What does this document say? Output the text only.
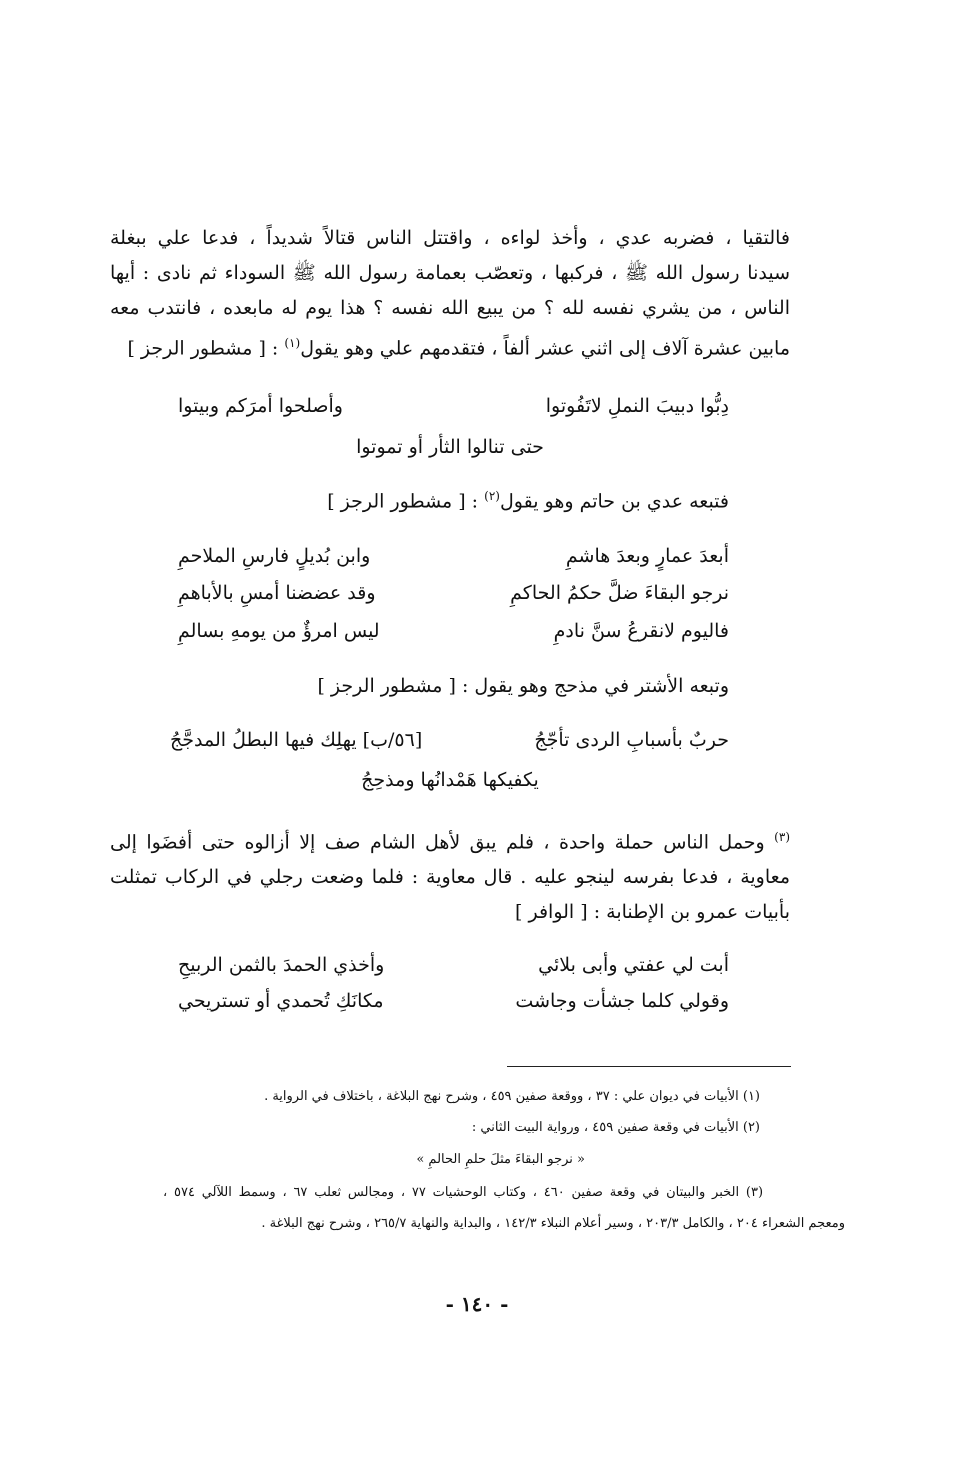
فالتقيا ، فضربه عدي ، وأخذ لواءه ، واقتتل الناس قتالاً شديداً ، فدعا علي ببغلة
سيدنا رسول الله ﷺ ، فركبها ، وتعصّب بعمامة رسول الله ﷺ السوداء ثم نادى : أيها
الناس ، من يشري نفسه لله ؟ من يبيع الله نفسه ؟ هذا يوم له مابعده ، فانتدب معه
مابين عشرة آلاف إلى اثني عشر ألفاً ، فتقدمهم علي وهو يقول$^{(١)}$ : [ مشطور الرجز ]
دِبُّوا دبيبَ النملِ لاتَفُوتوا
وأصلحوا أمرَكم وبيتوا
حتى تنالوا الثأر أو تموتوا
فتبعه عدي بن حاتم وهو يقول$^{(٢)}$ : [ مشطور الرجز ]
أبعدَ عمارٍ وبعدَ هاشمِ
وابن بُديلٍ فارسِ الملاحمِ
نرجو البقاءَ ضلَّ حكمُ الحاكمِ
وقد عضضنا أمسِ بالأباهمِ
فاليوم لانقرعُ سنَّ نادمِ
ليس امرؤٌ من يومهِ بسالمِ
وتبعه الأشتر في مذحج وهو يقول : [ مشطور الرجز ]
حربٌ بأسبابِ الردى تأجّجُ
[٥٦/ب] يهلِك فيها البطلُ المدجَّجُ
يكفيكها هَمْدانُها ومذحِجُ
$^{(٣)}$ وحمل الناس حملة واحدة ، فلم يبق لأهل الشام صف إلا أزالوه حتى أفضَوا إلى
معاوية ، فدعا بفرسه لينجو عليه . قال معاوية : فلما وضعت رجلي في الركاب تمثلت
بأبيات عمرو بن الإطنابة : [ الوافر ]
أبت لي عفتي وأبى بلائي
وأخذي الحمدَ بالثمن الربيحِ
وقولي كلما جشأت وجاشت
مكانَكِ تُحمدي أو تستريحي
(١) الأبيات في ديوان علي : ٣٧ ، ووقعة صفين ٤٥٩ ، وشرح نهج البلاغة ، باختلاف في الرواية .
(٢) الأبيات في وقعة صفين ٤٥٩ ، ورواية البيت الثاني :
« نرجو البقاءَ مثلَ حلمِ الحالمِ »
(٣) الخبر والبيتان في وقعة صفين ٤٦٠ ، وكتاب الوحشيات ٧٧ ، ومجالس ثعلب ٦٧ ، وسمط اللآلي ٥٧٤ ،
ومعجم الشعراء ٢٠٤ ، والكامل ٢٠٣/٣ ، وسير أعلام النبلاء ١٤٢/٣ ، والبداية والنهاية ٢٦٥/٧ ، وشرح نهج البلاغة .
- ١٤٠ -
